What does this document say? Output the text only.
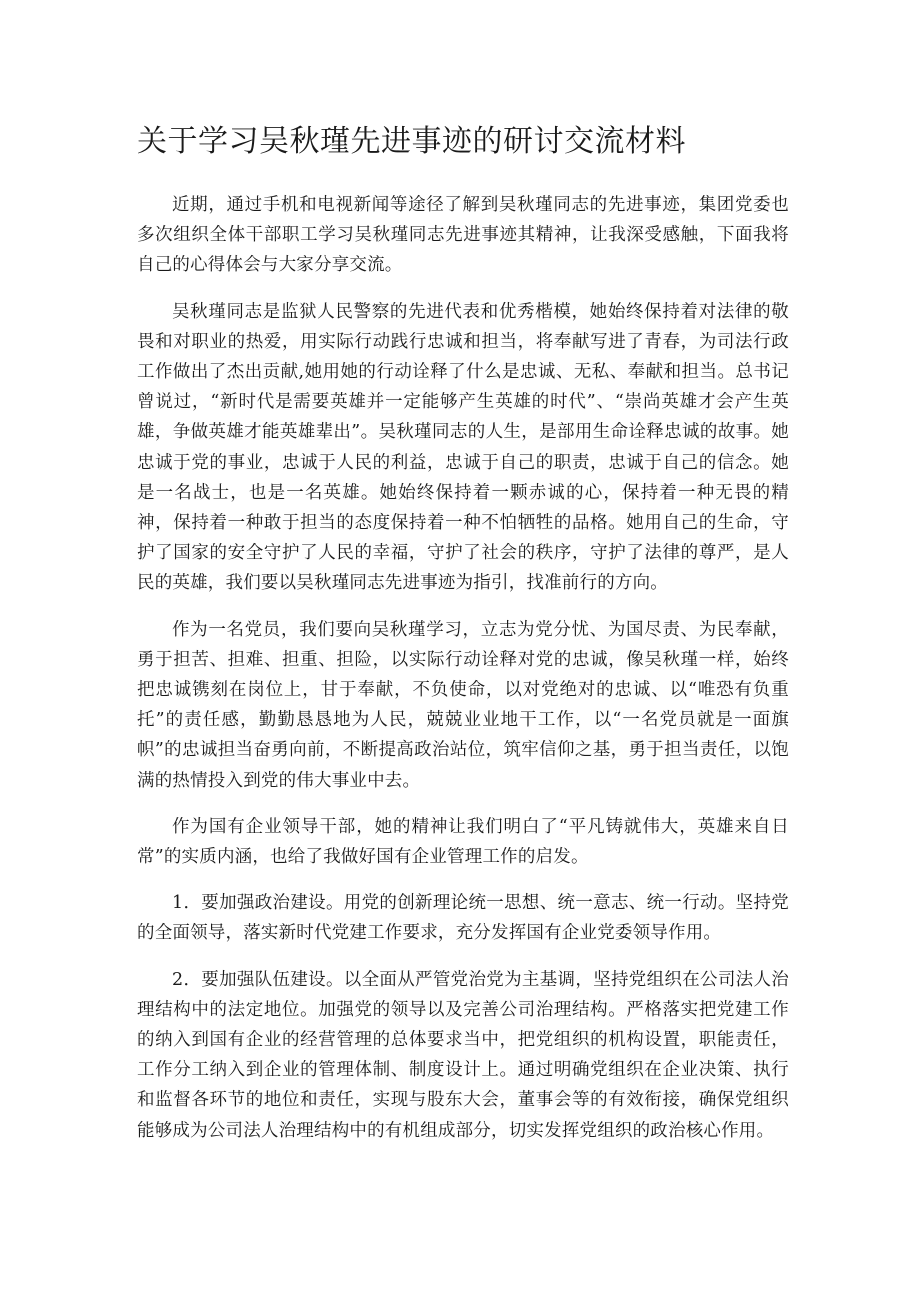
关于学习吴秋瑾先进事迹的研讨交流材料

近期，通过手机和电视新闻等途径了解到吴秋瑾同志的先进事迹，集团党委也多次组织全体干部职工学习吴秋瑾同志先进事迹其精神，让我深受感触，下面我将自己的心得体会与大家分享交流。

吴秋瑾同志是监狱人民警察的先进代表和优秀楷模，她始终保持着对法律的敬畏和对职业的热爱，用实际行动践行忠诚和担当，将奉献写进了青春，为司法行政工作做出了杰出贡献,她用她的行动诠释了什么是忠诚、无私、奉献和担当。总书记曾说过，“新时代是需要英雄并一定能够产生英雄的时代”、“崇尚英雄才会产生英雄，争做英雄才能英雄辈出”。吴秋瑾同志的人生，是部用生命诠释忠诚的故事。她忠诚于党的事业，忠诚于人民的利益，忠诚于自己的职责，忠诚于自己的信念。她是一名战士，也是一名英雄。她始终保持着一颗赤诚的心，保持着一种无畏的精神，保持着一种敢于担当的态度保持着一种不怕牺牲的品格。她用自己的生命，守护了国家的安全守护了人民的幸福，守护了社会的秩序，守护了法律的尊严，是人民的英雄，我们要以吴秋瑾同志先进事迹为指引，找准前行的方向。

作为一名党员，我们要向吴秋瑾学习，立志为党分忧、为国尽责、为民奉献，勇于担苦、担难、担重、担险，以实际行动诠释对党的忠诚，像吴秋瑾一样，始终把忠诚镌刻在岗位上，甘于奉献，不负使命，以对党绝对的忠诚、以“唯恐有负重托”的责任感，勤勤恳恳地为人民，兢兢业业地干工作，以“一名党员就是一面旗帜”的忠诚担当奋勇向前，不断提高政治站位，筑牢信仰之基，勇于担当责任，以饱满的热情投入到党的伟大事业中去。

作为国有企业领导干部，她的精神让我们明白了“平凡铸就伟大，英雄来自日常”的实质内涵，也给了我做好国有企业管理工作的启发。

1．要加强政治建设。用党的创新理论统一思想、统一意志、统一行动。坚持党的全面领导，落实新时代党建工作要求，充分发挥国有企业党委领导作用。

2．要加强队伍建设。以全面从严管党治党为主基调，坚持党组织在公司法人治理结构中的法定地位。加强党的领导以及完善公司治理结构。严格落实把党建工作的纳入到国有企业的经营管理的总体要求当中，把党组织的机构设置，职能责任，工作分工纳入到企业的管理体制、制度设计上。通过明确党组织在企业决策、执行和监督各环节的地位和责任，实现与股东大会，董事会等的有效衔接，确保党组织能够成为公司法人治理结构中的有机组成部分，切实发挥党组织的政治核心作用。
